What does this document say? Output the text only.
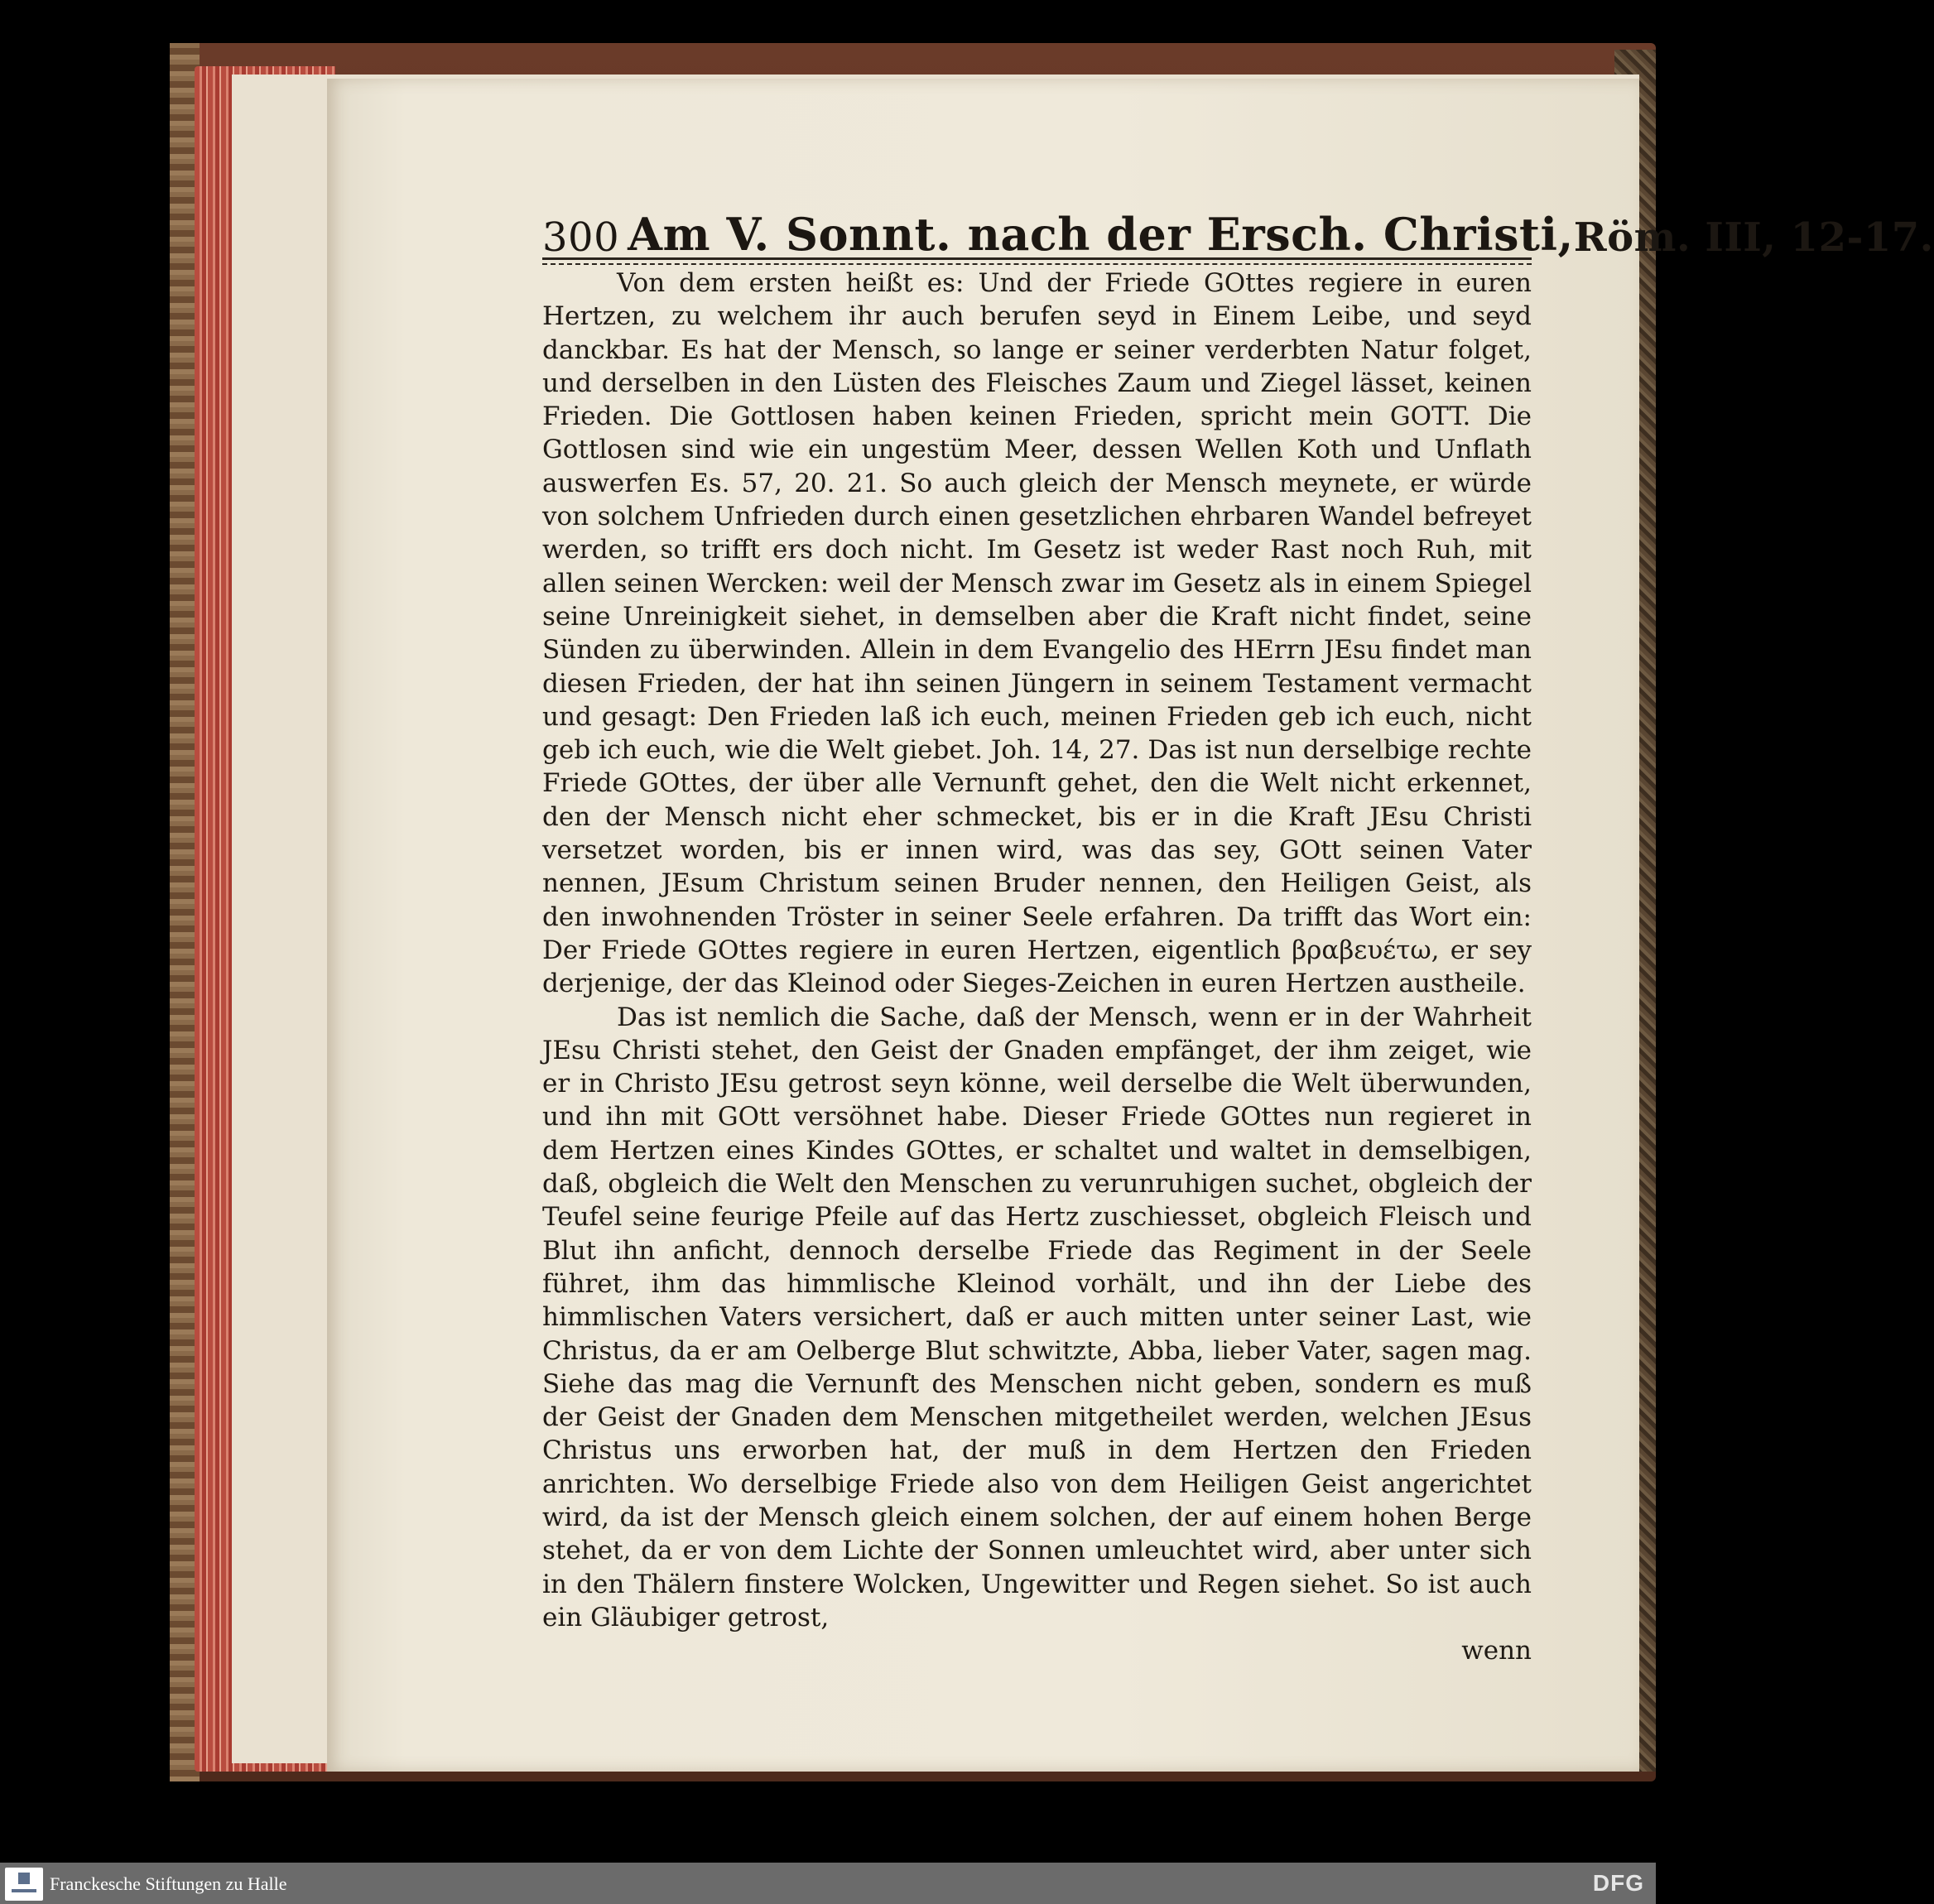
300 Am V. Sonnt. nach der Ersch. Christi, Röm. III, 12-17.

Von dem ersten heißt es: Und der Friede GOttes regiere in euren Hertzen, zu welchem ihr auch berufen seyd in Einem Leibe, und seyd danckbar. Es hat der Mensch, so lange er seiner verderbten Natur folget, und derselben in den Lüsten des Fleisches Zaum und Ziegel lässet, keinen Frieden. Die Gottlosen haben keinen Frieden, spricht mein GOTT. Die Gottlosen sind wie ein ungestüm Meer, dessen Wellen Koth und Unflath auswerfen Es. 57, 20. 21. So auch gleich der Mensch meynete, er würde von solchem Unfrieden durch einen gesetzlichen ehrbaren Wandel befreyet werden, so trifft ers doch nicht. Im Gesetz ist weder Rast noch Ruh, mit allen seinen Wercken: weil der Mensch zwar im Gesetz als in einem Spiegel seine Unreinigkeit siehet, in demselben aber die Kraft nicht findet, seine Sünden zu überwinden. Allein in dem Evangelio des HErrn JEsu findet man diesen Frieden, der hat ihn seinen Jüngern in seinem Testament vermacht und gesagt: Den Frieden laß ich euch, meinen Frieden geb ich euch, nicht geb ich euch, wie die Welt giebet. Joh. 14, 27. Das ist nun derselbige rechte Friede GOttes, der über alle Vernunft gehet, den die Welt nicht erkennet, den der Mensch nicht eher schmecket, bis er in die Kraft JEsu Christi versetzet worden, bis er innen wird, was das sey, GOtt seinen Vater nennen, JEsum Christum seinen Bruder nennen, den Heiligen Geist, als den inwohnenden Tröster in seiner Seele erfahren. Da trifft das Wort ein: Der Friede GOttes regiere in euren Hertzen, eigentlich βραβευέτω, er sey derjenige, der das Kleinod oder Sieges-Zeichen in euren Hertzen austheile.

Das ist nemlich die Sache, daß der Mensch, wenn er in der Wahrheit JEsu Christi stehet, den Geist der Gnaden empfänget, der ihm zeiget, wie er in Christo JEsu getrost seyn könne, weil derselbe die Welt überwunden, und ihn mit GOtt versöhnet habe. Dieser Friede GOttes nun regieret in dem Hertzen eines Kindes GOttes, er schaltet und waltet in demselbigen, daß, obgleich die Welt den Menschen zu verunruhigen suchet, obgleich der Teufel seine feurige Pfeile auf das Hertz zuschiesset, obgleich Fleisch und Blut ihn anficht, dennoch derselbe Friede das Regiment in der Seele führet, ihm das himmlische Kleinod vorhält, und ihn der Liebe des himmlischen Vaters versichert, daß er auch mitten unter seiner Last, wie Christus, da er am Oelberge Blut schwitzte, Abba, lieber Vater, sagen mag. Siehe das mag die Vernunft des Menschen nicht geben, sondern es muß der Geist der Gnaden dem Menschen mitgetheilet werden, welchen JEsus Christus uns erworben hat, der muß in dem Hertzen den Frieden anrichten. Wo derselbige Friede also von dem Heiligen Geist angerichtet wird, da ist der Mensch gleich einem solchen, der auf einem hohen Berge stehet, da er von dem Lichte der Sonnen umleuchtet wird, aber unter sich in den Thälern finstere Wolcken, Ungewitter und Regen siehet. So ist auch ein Gläubiger getrost,

wenn

Franckesche Stiftungen zu Halle	DFG
